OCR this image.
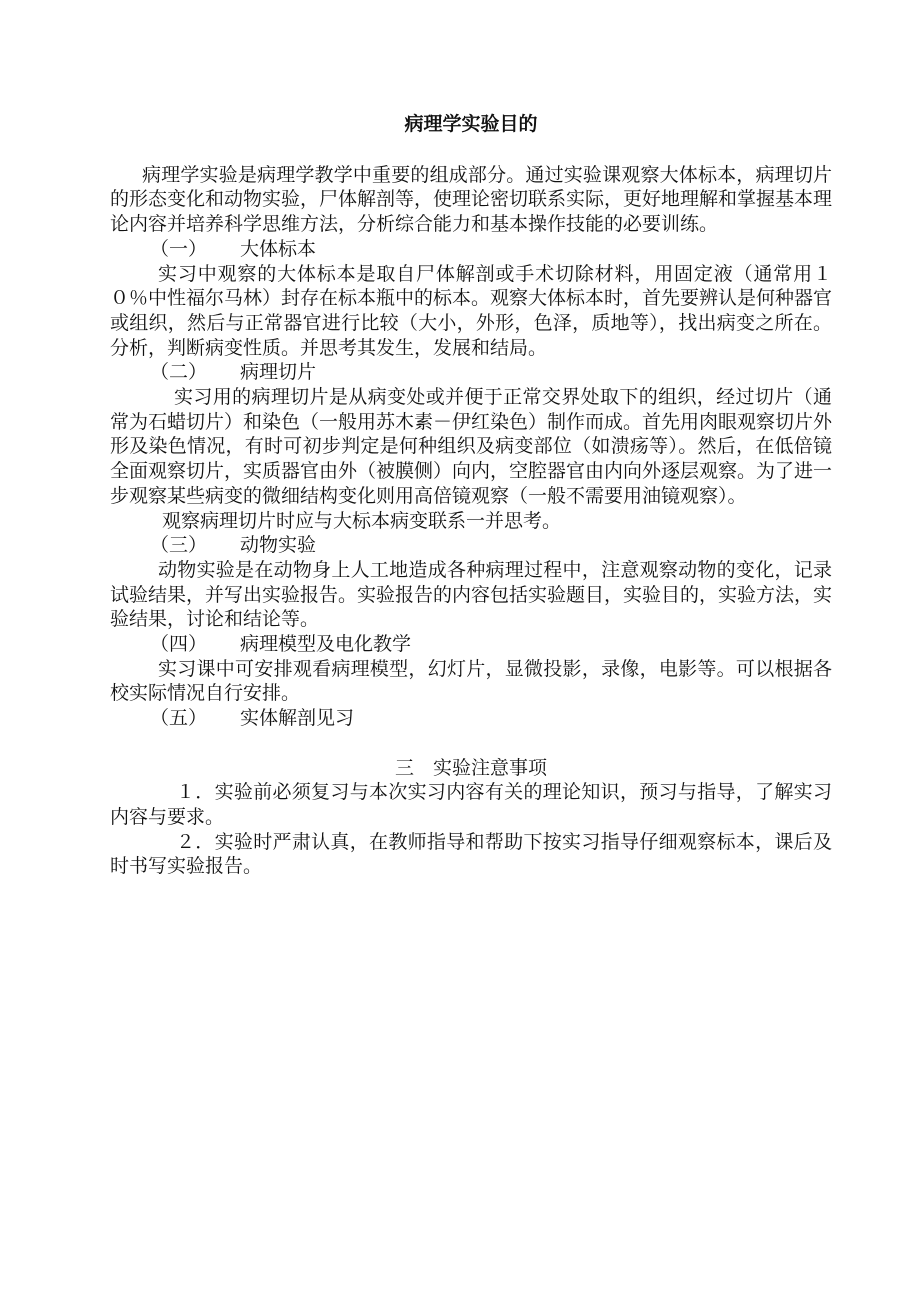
病理学实验目的

病理学实验是病理学教学中重要的组成部分。通过实验课观察大体标本，病理切片的形态变化和动物实验，尸体解剖等，使理论密切联系实际，更好地理解和掌握基本理论内容并培养科学思维方法，分析综合能力和基本操作技能的必要训练。

（一） 大体标本

实习中观察的大体标本是取自尸体解剖或手术切除材料，用固定液（通常用１０％中性福尔马林）封存在标本瓶中的标本。观察大体标本时，首先要辨认是何种器官或组织，然后与正常器官进行比较（大小，外形，色泽，质地等），找出病变之所在。分析，判断病变性质。并思考其发生，发展和结局。

（二） 病理切片

实习用的病理切片是从病变处或并便于正常交界处取下的组织，经过切片（通常为石蜡切片）和染色（一般用苏木素－伊红染色）制作而成。首先用肉眼观察切片外形及染色情况，有时可初步判定是何种组织及病变部位（如溃疡等）。然后，在低倍镜全面观察切片，实质器官由外（被膜侧）向内，空腔器官由内向外逐层观察。为了进一步观察某些病变的微细结构变化则用高倍镜观察（一般不需要用油镜观察）。

观察病理切片时应与大标本病变联系一并思考。

（三） 动物实验

动物实验是在动物身上人工地造成各种病理过程中，注意观察动物的变化，记录试验结果，并写出实验报告。实验报告的内容包括实验题目，实验目的，实验方法，实验结果，讨论和结论等。

（四） 病理模型及电化教学

实习课中可安排观看病理模型，幻灯片，显微投影，录像，电影等。可以根据各校实际情况自行安排。

（五） 实体解剖见习
三　 实验注意事项

１．实验前必须复习与本次实习内容有关的理论知识，预习与指导，了解实习内容与要求。

２．实验时严肃认真，在教师指导和帮助下按实习指导仔细观察标本，课后及时书写实验报告。
